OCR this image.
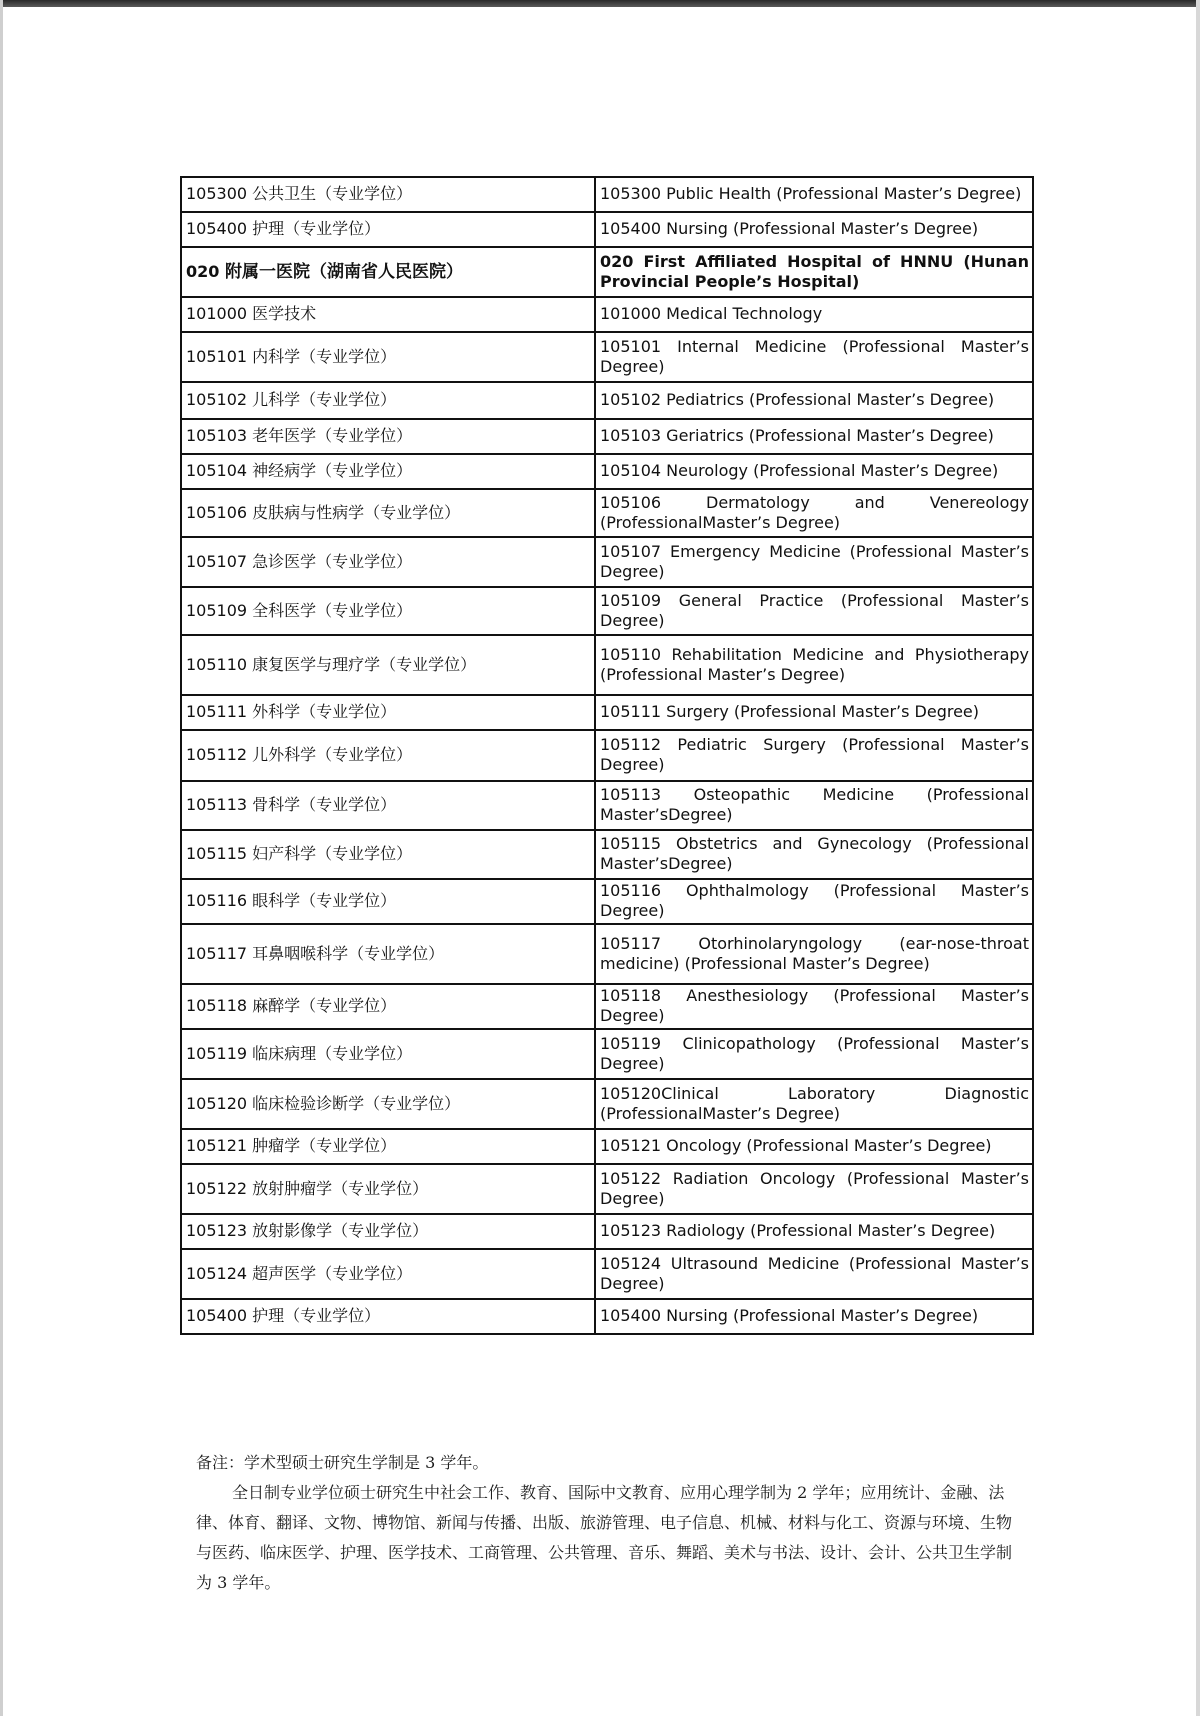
105300 公共卫生（专业学位）	105300 Public Health (Professional Master’s Degree)
105400 护理（专业学位）	105400 Nursing (Professional Master’s Degree)
020 附属一医院（湖南省人民医院）	020 First Affiliated Hospital of HNNU (Hunan Provincial People’s Hospital)
101000 医学技术	101000 Medical Technology
105101 内科学（专业学位）	105101 Internal Medicine (Professional Master’s Degree)
105102 儿科学（专业学位）	105102 Pediatrics (Professional Master’s Degree)
105103 老年医学（专业学位）	105103 Geriatrics (Professional Master’s Degree)
105104 神经病学（专业学位）	105104 Neurology (Professional Master’s Degree)
105106 皮肤病与性病学（专业学位）	105106 Dermatology and Venereology (ProfessionalMaster’s Degree)
105107 急诊医学（专业学位）	105107 Emergency Medicine (Professional Master’s Degree)
105109 全科医学（专业学位）	105109 General Practice (Professional Master’s Degree)
105110 康复医学与理疗学（专业学位）	105110 Rehabilitation Medicine and Physiotherapy (Professional Master’s Degree)
105111 外科学（专业学位）	105111 Surgery (Professional Master’s Degree)
105112 儿外科学（专业学位）	105112 Pediatric Surgery (Professional Master’s Degree)
105113 骨科学（专业学位）	105113 Osteopathic Medicine (Professional Master’sDegree)
105115 妇产科学（专业学位）	105115 Obstetrics and Gynecology (Professional Master’sDegree)
105116 眼科学（专业学位）	105116 Ophthalmology (Professional Master’s Degree)
105117 耳鼻咽喉科学（专业学位）	105117 Otorhinolaryngology (ear-nose-throat medicine) (Professional Master’s Degree)
105118 麻醉学（专业学位）	105118 Anesthesiology (Professional Master’s Degree)
105119 临床病理（专业学位）	105119 Clinicopathology (Professional Master’s Degree)
105120 临床检验诊断学（专业学位）	105120Clinical Laboratory Diagnostic (ProfessionalMaster’s Degree)
105121 肿瘤学（专业学位）	105121 Oncology (Professional Master’s Degree)
105122 放射肿瘤学（专业学位）	105122 Radiation Oncology (Professional Master’s Degree)
105123 放射影像学（专业学位）	105123 Radiology (Professional Master’s Degree)
105124 超声医学（专业学位）	105124 Ultrasound Medicine (Professional Master’s Degree)
105400 护理（专业学位）	105400 Nursing (Professional Master’s Degree)

备注：学术型硕士研究生学制是 3 学年。

全日制专业学位硕士研究生中社会工作、教育、国际中文教育、应用心理学制为 2 学年；应用统计、金融、法律、体育、翻译、文物、博物馆、新闻与传播、出版、旅游管理、电子信息、机械、材料与化工、资源与环境、生物与医药、临床医学、护理、医学技术、工商管理、公共管理、音乐、舞蹈、美术与书法、设计、会计、公共卫生学制为 3 学年。
